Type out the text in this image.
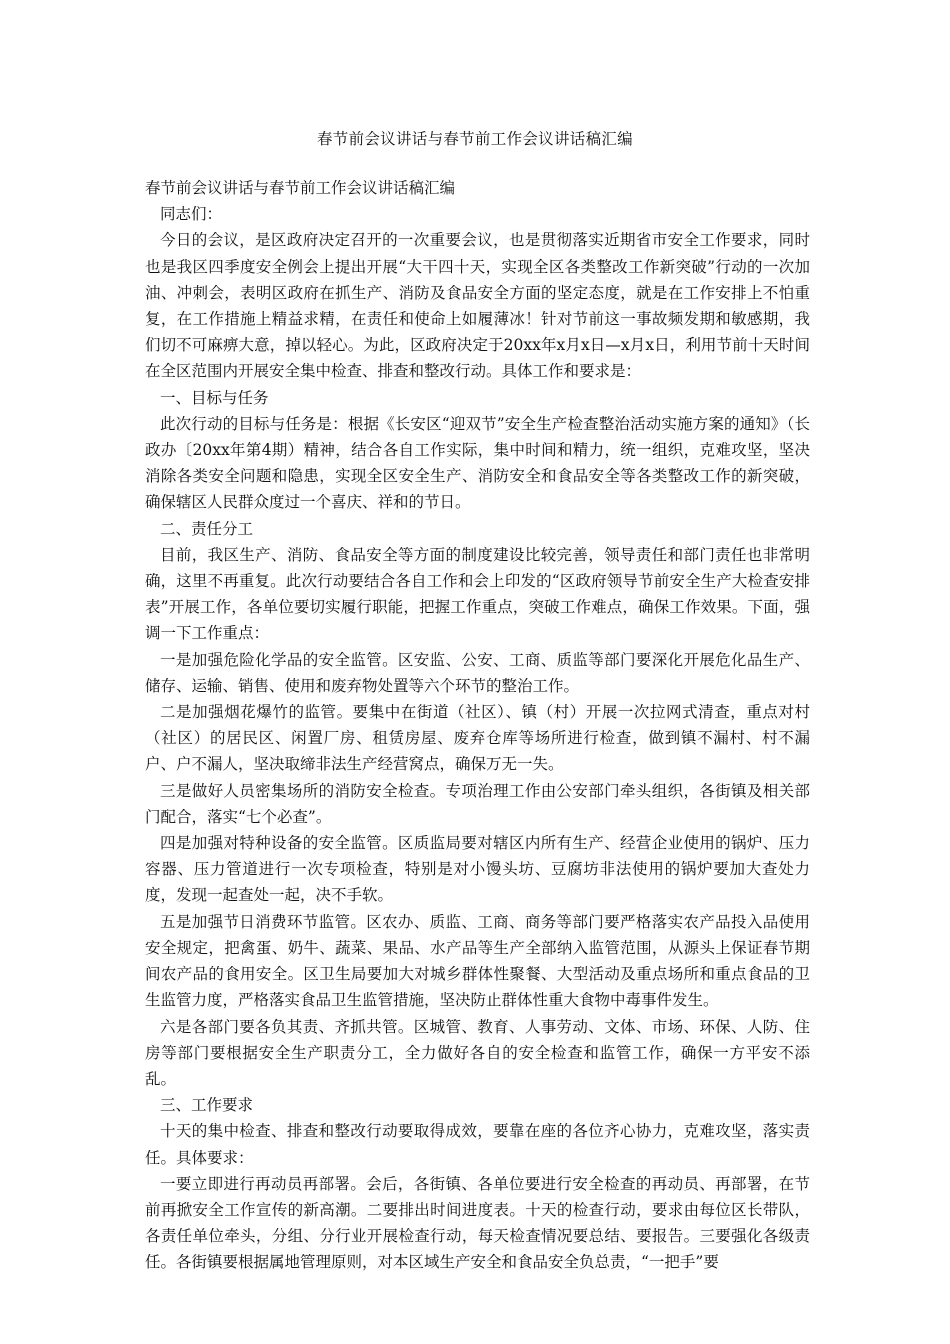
春节前会议讲话与春节前工作会议讲话稿汇编

春节前会议讲话与春节前工作会议讲话稿汇编

同志们：

今日的会议，是区政府决定召开的一次重要会议，也是贯彻落实近期省市安全工作要求，同时也是我区四季度安全例会上提出开展“大干四十天，实现全区各类整改工作新突破”行动的一次加油、冲刺会，表明区政府在抓生产、消防及食品安全方面的坚定态度，就是在工作安排上不怕重复，在工作措施上精益求精，在责任和使命上如履薄冰！针对节前这一事故频发期和敏感期，我们切不可麻痹大意，掉以轻心。为此，区政府决定于20xx年x月x日—x月x日，利用节前十天时间在全区范围内开展安全集中检查、排查和整改行动。具体工作和要求是：

一、目标与任务

此次行动的目标与任务是：根据《长安区“迎双节”安全生产检查整治活动实施方案的通知》（长政办〔20xx年第4期）精神，结合各自工作实际，集中时间和精力，统一组织，克难攻坚，坚决消除各类安全问题和隐患，实现全区安全生产、消防安全和食品安全等各类整改工作的新突破，确保辖区人民群众度过一个喜庆、祥和的节日。

二、责任分工

目前，我区生产、消防、食品安全等方面的制度建设比较完善，领导责任和部门责任也非常明确，这里不再重复。此次行动要结合各自工作和会上印发的“区政府领导节前安全生产大检查安排表”开展工作，各单位要切实履行职能，把握工作重点，突破工作难点，确保工作效果。下面，强调一下工作重点：

一是加强危险化学品的安全监管。区安监、公安、工商、质监等部门要深化开展危化品生产、储存、运输、销售、使用和废弃物处置等六个环节的整治工作。

二是加强烟花爆竹的监管。要集中在街道（社区）、镇（村）开展一次拉网式清查，重点对村（社区）的居民区、闲置厂房、租赁房屋、废弃仓库等场所进行检查，做到镇不漏村、村不漏户、户不漏人，坚决取缔非法生产经营窝点，确保万无一失。

三是做好人员密集场所的消防安全检查。专项治理工作由公安部门牵头组织，各街镇及相关部门配合，落实“七个必查”。

四是加强对特种设备的安全监管。区质监局要对辖区内所有生产、经营企业使用的锅炉、压力容器、压力管道进行一次专项检查，特别是对小馒头坊、豆腐坊非法使用的锅炉要加大查处力度，发现一起查处一起，决不手软。

五是加强节日消费环节监管。区农办、质监、工商、商务等部门要严格落实农产品投入品使用安全规定，把禽蛋、奶牛、蔬菜、果品、水产品等生产全部纳入监管范围，从源头上保证春节期间农产品的食用安全。区卫生局要加大对城乡群体性聚餐、大型活动及重点场所和重点食品的卫生监管力度，严格落实食品卫生监管措施，坚决防止群体性重大食物中毒事件发生。

六是各部门要各负其责、齐抓共管。区城管、教育、人事劳动、文体、市场、环保、人防、住房等部门要根据安全生产职责分工，全力做好各自的安全检查和监管工作，确保一方平安不添乱。

三、工作要求

十天的集中检查、排查和整改行动要取得成效，要靠在座的各位齐心协力，克难攻坚，落实责任。具体要求：

一要立即进行再动员再部署。会后，各街镇、各单位要进行安全检查的再动员、再部署，在节前再掀安全工作宣传的新高潮。二要排出时间进度表。十天的检查行动，要求由每位区长带队，各责任单位牵头，分组、分行业开展检查行动，每天检查情况要总结、要报告。三要强化各级责任。各街镇要根据属地管理原则，对本区域生产安全和食品安全负总责，“一把手”要
